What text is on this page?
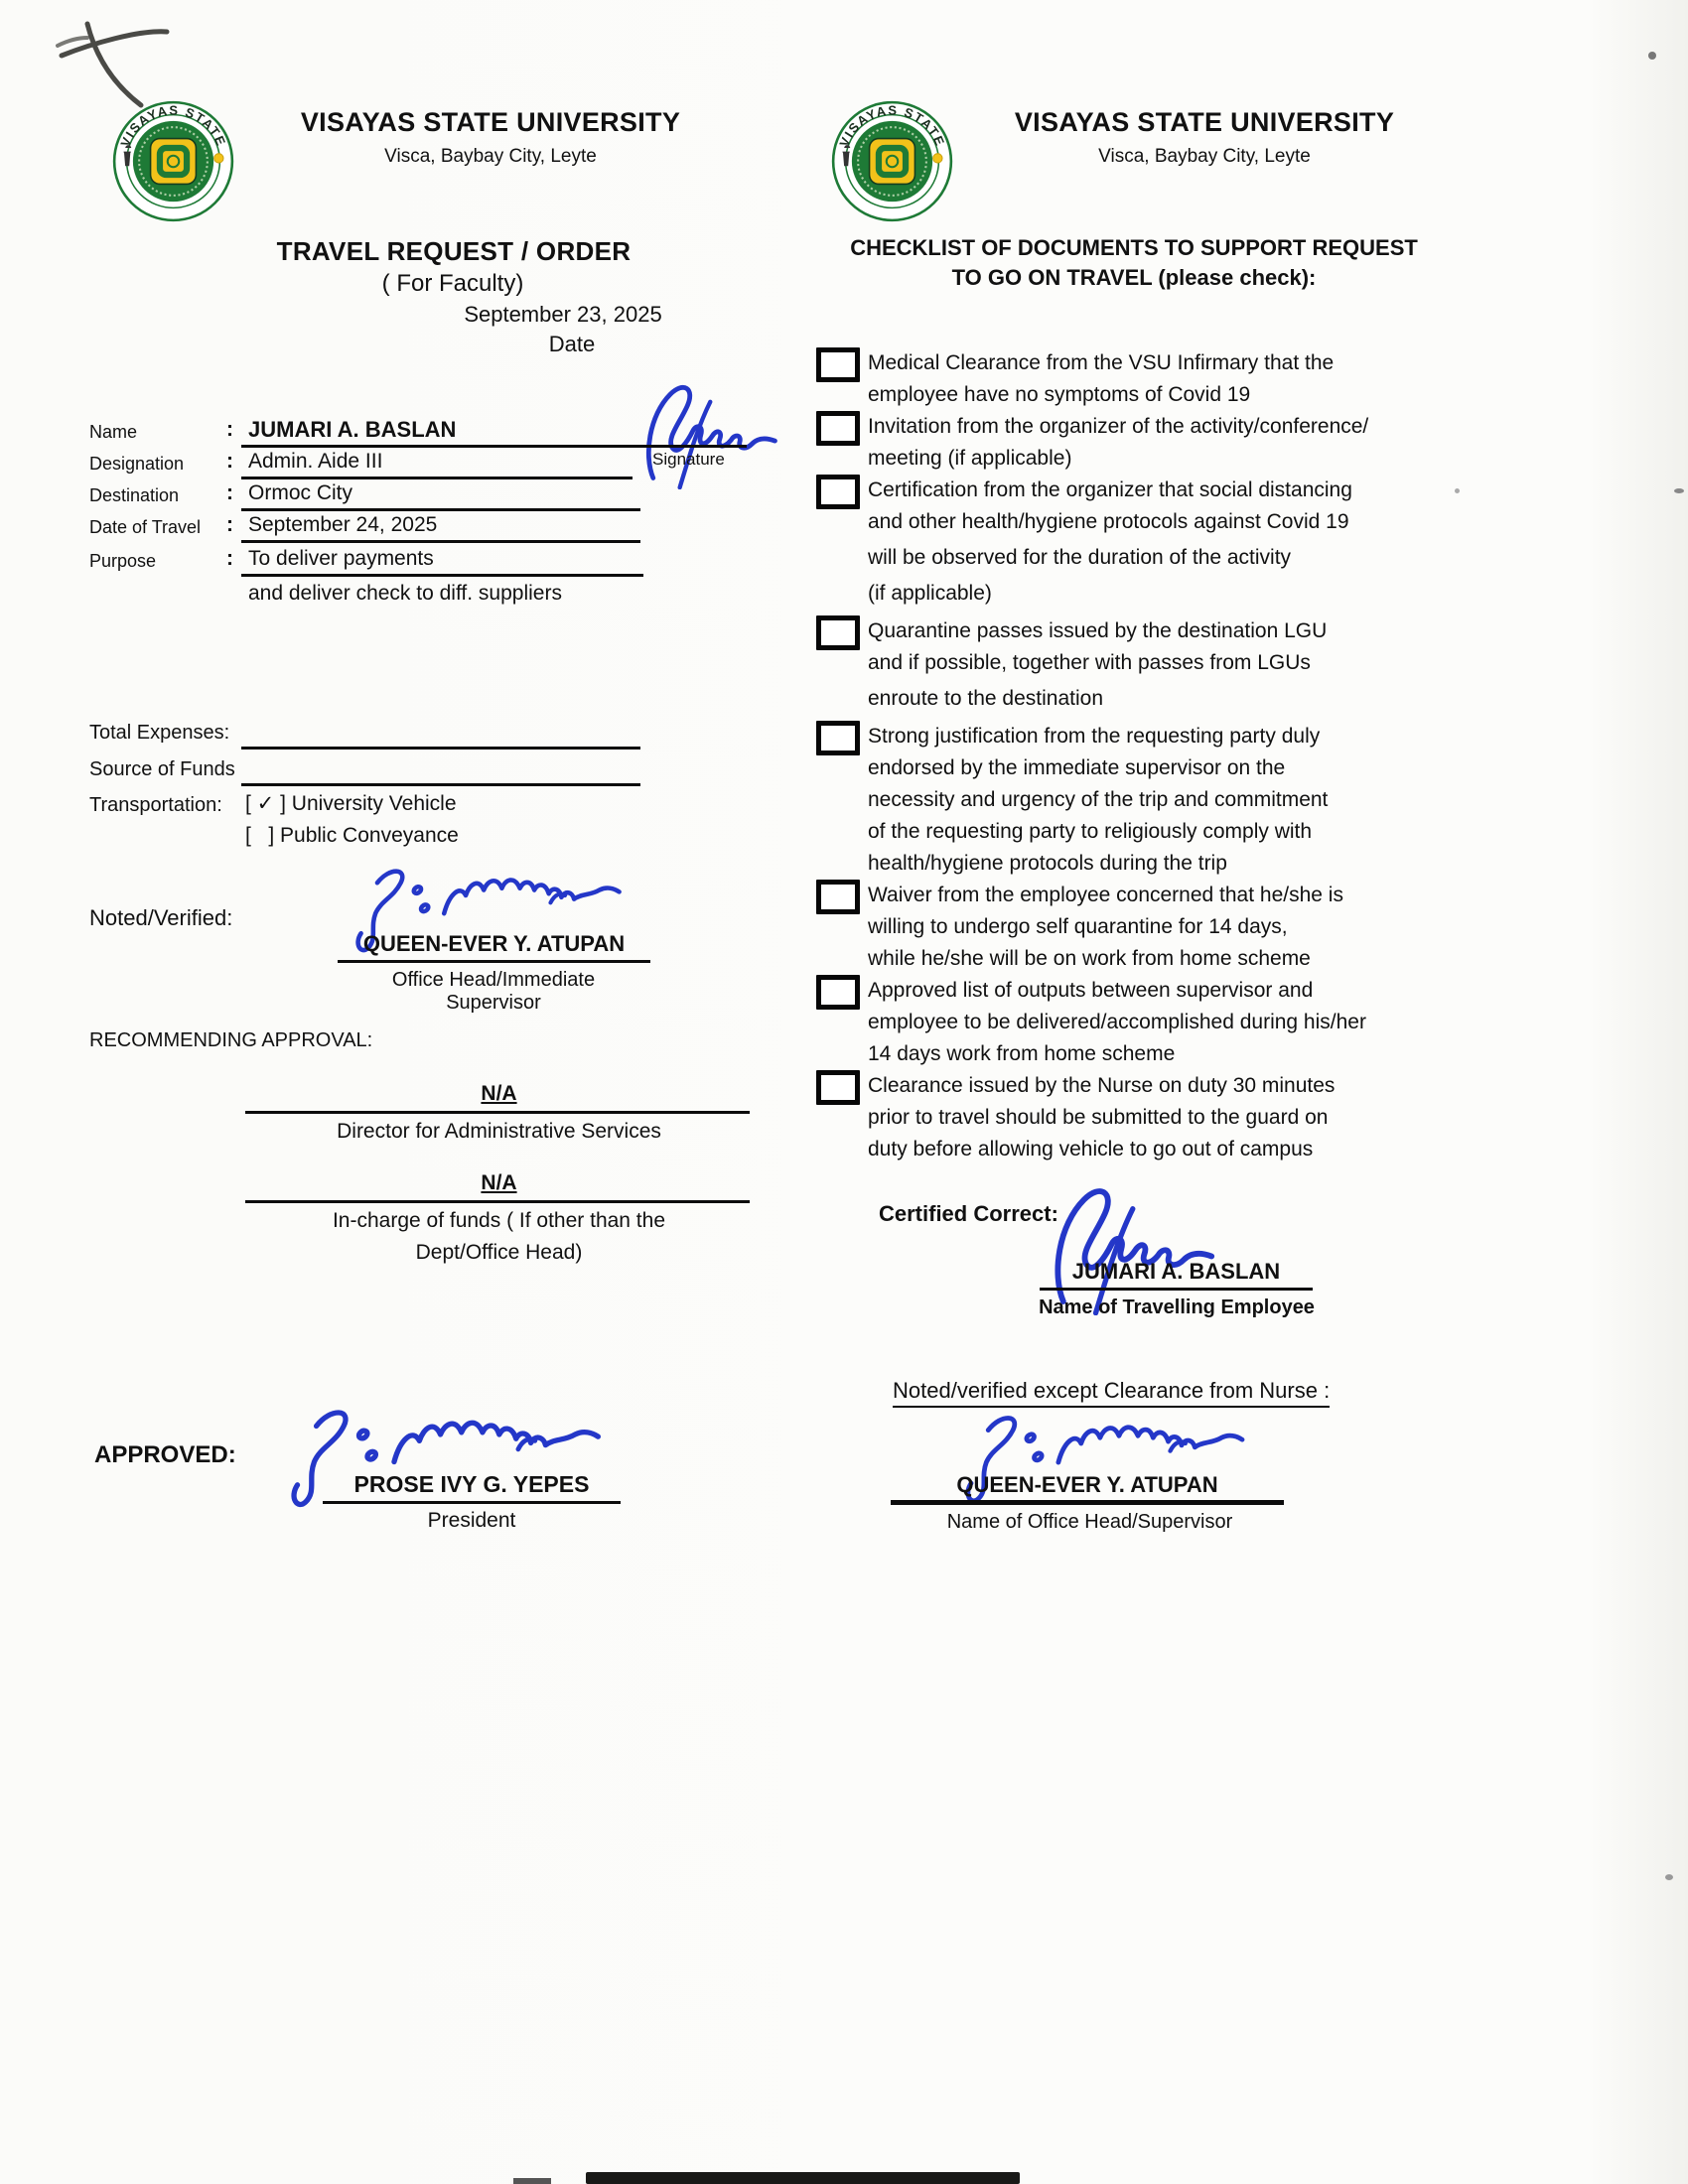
VISAYAS STATE UNIVERSITY
Visca, Baybay City, Leyte
TRAVEL REQUEST / ORDER
( For Faculty)
September 23, 2025
Date
Signature
Name	: JUMARI A. BASLAN
Designation : Admin. Aide III
Destination : Ormoc City
Date of Travel : September 24, 2025
Purpose	: To deliver payments
and deliver check to diff. suppliers
Total Expenses:
Source of Funds
Transportation: [ ✓ ] University Vehicle
[   ] Public Conveyance
Noted/Verified:
QUEEN-EVER Y. ATUPAN
Office Head/Immediate Supervisor
RECOMMENDING APPROVAL:
N/A
Director for Administrative Services
N/A
In-charge of funds ( If other than the
Dept/Office Head)
APPROVED:
PROSE IVY G. YEPES
President
VISAYAS STATE UNIVERSITY
Visca, Baybay City, Leyte
CHECKLIST OF DOCUMENTS TO SUPPORT REQUEST
TO GO ON TRAVEL (please check):
Medical Clearance from the VSU Infirmary that the
employee have no symptoms of Covid 19
Invitation from the organizer of the activity/conference/
meeting (if applicable)
Certification from the organizer that social distancing
and other health/hygiene protocols against Covid 19
will be observed for the duration of the activity
(if applicable)
Quarantine passes issued by the destination LGU
and if possible, together with passes from LGUs
enroute to the destination
Strong justification from the requesting party duly
endorsed by the immediate supervisor on the
necessity and urgency of the trip and commitment
of the requesting party to religiously comply with
health/hygiene protocols during the trip
Waiver from the employee concerned that he/she is
willing to undergo self quarantine for 14 days,
while he/she will be on work from home scheme
Approved list of outputs between supervisor and
employee to be delivered/accomplished during his/her
14 days work from home scheme
Clearance issued by the Nurse on duty 30 minutes
prior to travel should be submitted to the guard on
duty before allowing vehicle to go out of campus
Certified Correct:
JUMARI A. BASLAN
Name of Travelling Employee
Noted/verified except Clearance from Nurse :
QUEEN-EVER Y. ATUPAN
Name of Office Head/Supervisor
